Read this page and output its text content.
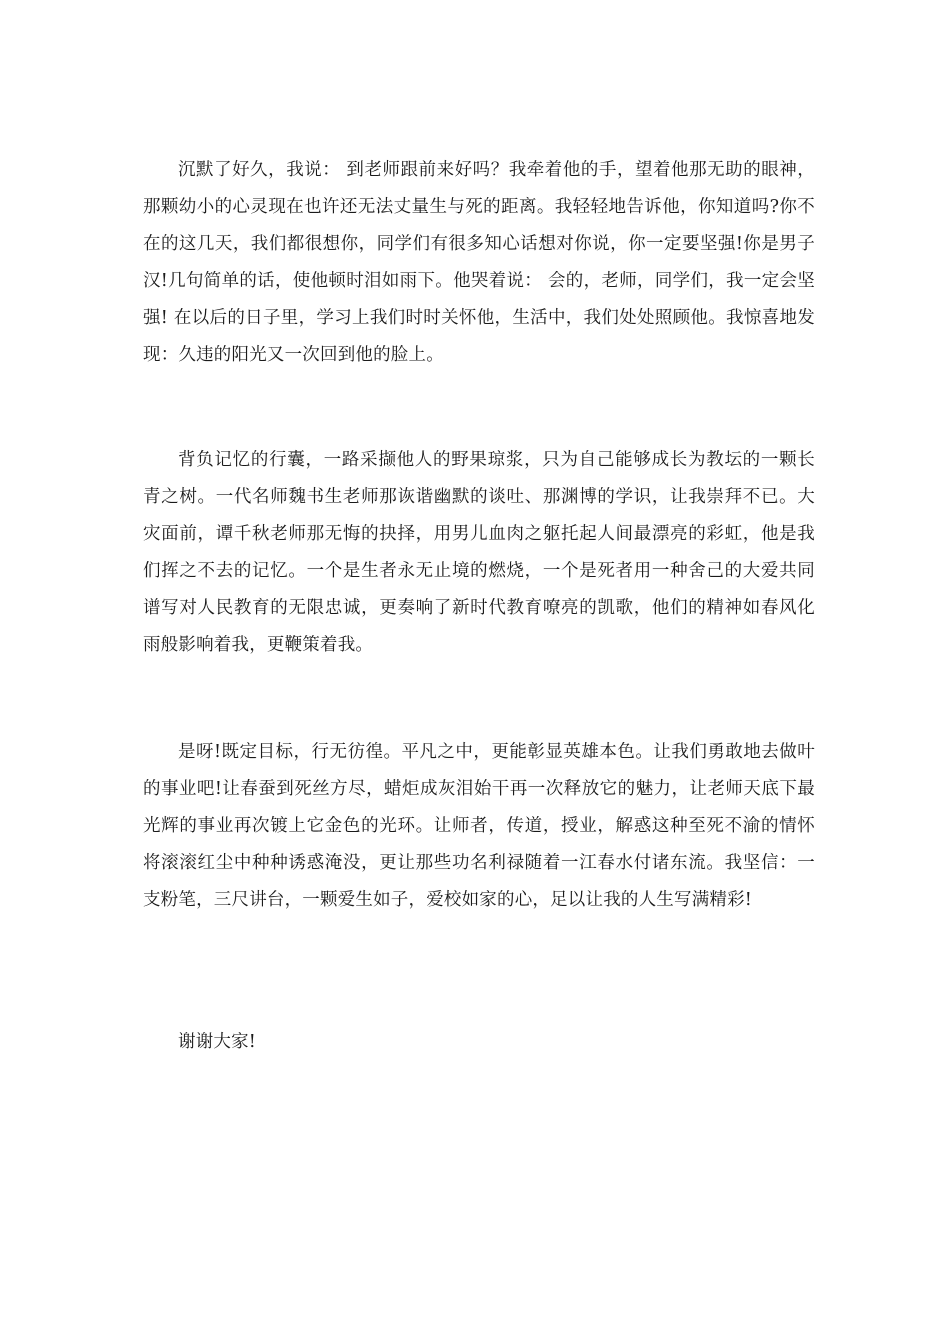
沉默了好久，我说： 到老师跟前来好吗？我牵着他的手，望着他那无助的眼神，那颗幼小的心灵现在也许还无法丈量生与死的距离。我轻轻地告诉他，你知道吗?你不在的这几天，我们都很想你，同学们有很多知心话想对你说，你一定要坚强!你是男子汉!几句简单的话，使他顿时泪如雨下。他哭着说： 会的，老师，同学们，我一定会坚强! 在以后的日子里，学习上我们时时关怀他，生活中，我们处处照顾他。我惊喜地发现：久违的阳光又一次回到他的脸上。

背负记忆的行囊，一路采撷他人的野果琼浆，只为自己能够成长为教坛的一颗长青之树。一代名师魏书生老师那诙谐幽默的谈吐、那渊博的学识，让我崇拜不已。大灾面前，谭千秋老师那无悔的抉择，用男儿血肉之躯托起人间最漂亮的彩虹，他是我们挥之不去的记忆。一个是生者永无止境的燃烧，一个是死者用一种舍己的大爱共同谱写对人民教育的无限忠诚，更奏响了新时代教育嘹亮的凯歌，他们的精神如春风化雨般影响着我，更鞭策着我。

是呀!既定目标，行无彷徨。平凡之中，更能彰显英雄本色。让我们勇敢地去做叶的事业吧!让春蚕到死丝方尽，蜡炬成灰泪始干再一次释放它的魅力，让老师天底下最光辉的事业再次镀上它金色的光环。让师者，传道，授业，解惑这种至死不渝的情怀将滚滚红尘中种种诱惑淹没，更让那些功名利禄随着一江春水付诸东流。我坚信：一支粉笔，三尺讲台，一颗爱生如子，爱校如家的心，足以让我的人生写满精彩!

谢谢大家!
